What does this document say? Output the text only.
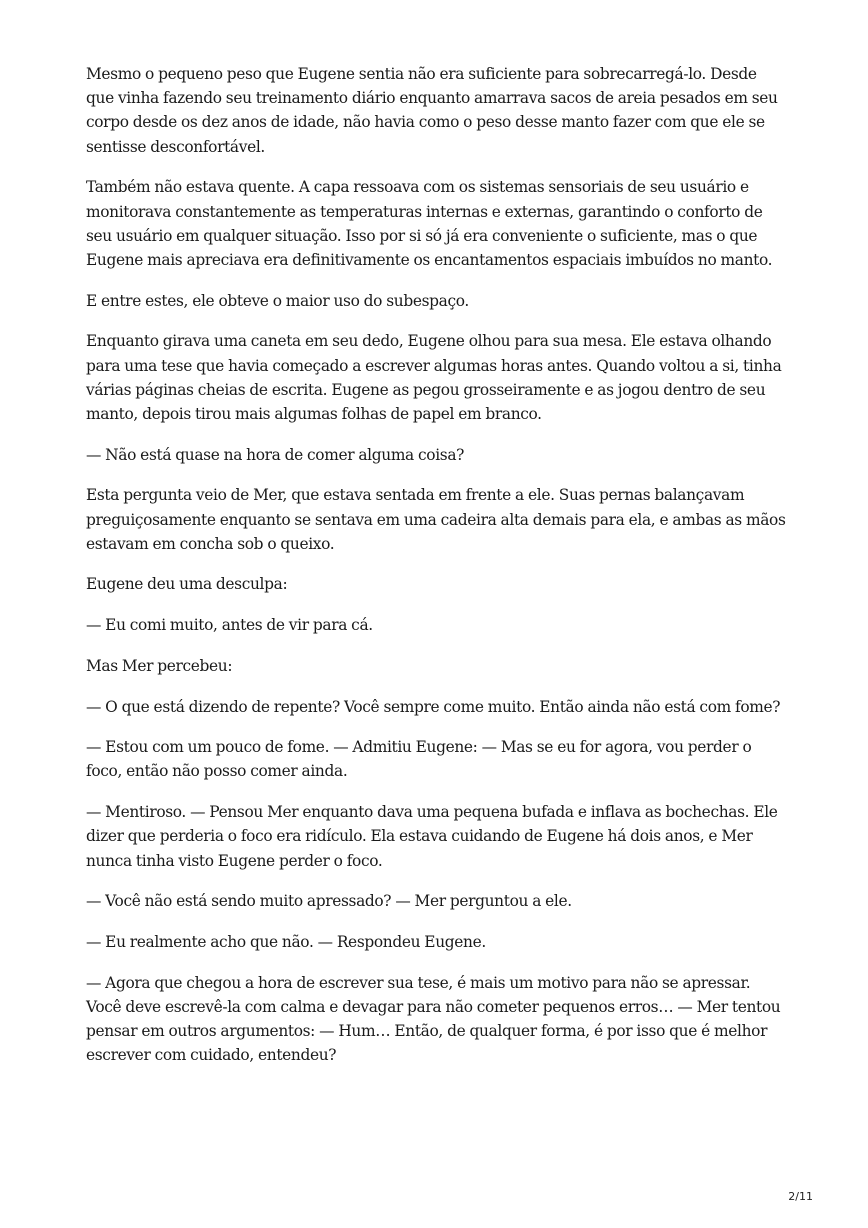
Mesmo o pequeno peso que Eugene sentia não era suficiente para sobrecarregá-lo. Desde que vinha fazendo seu treinamento diário enquanto amarrava sacos de areia pesados em seu corpo desde os dez anos de idade, não havia como o peso desse manto fazer com que ele se sentisse desconfortável.

Também não estava quente. A capa ressoava com os sistemas sensoriais de seu usuário e monitorava constantemente as temperaturas internas e externas, garantindo o conforto de seu usuário em qualquer situação. Isso por si só já era conveniente o suficiente, mas o que Eugene mais apreciava era definitivamente os encantamentos espaciais imbuídos no manto.

E entre estes, ele obteve o maior uso do subespaço.

Enquanto girava uma caneta em seu dedo, Eugene olhou para sua mesa. Ele estava olhando para uma tese que havia começado a escrever algumas horas antes. Quando voltou a si, tinha várias páginas cheias de escrita. Eugene as pegou grosseiramente e as jogou dentro de seu manto, depois tirou mais algumas folhas de papel em branco.

— Não está quase na hora de comer alguma coisa?

Esta pergunta veio de Mer, que estava sentada em frente a ele. Suas pernas balançavam preguiçosamente enquanto se sentava em uma cadeira alta demais para ela, e ambas as mãos estavam em concha sob o queixo.

Eugene deu uma desculpa:

— Eu comi muito, antes de vir para cá.

Mas Mer percebeu:

— O que está dizendo de repente? Você sempre come muito. Então ainda não está com fome?

— Estou com um pouco de fome. — Admitiu Eugene: — Mas se eu for agora, vou perder o foco, então não posso comer ainda.

— Mentiroso. — Pensou Mer enquanto dava uma pequena bufada e inflava as bochechas. Ele dizer que perderia o foco era ridículo. Ela estava cuidando de Eugene há dois anos, e Mer nunca tinha visto Eugene perder o foco.

— Você não está sendo muito apressado? — Mer perguntou a ele.

— Eu realmente acho que não. — Respondeu Eugene.

— Agora que chegou a hora de escrever sua tese, é mais um motivo para não se apressar. Você deve escrevê-la com calma e devagar para não cometer pequenos erros… — Mer tentou pensar em outros argumentos: — Hum… Então, de qualquer forma, é por isso que é melhor escrever com cuidado, entendeu?

2/11
